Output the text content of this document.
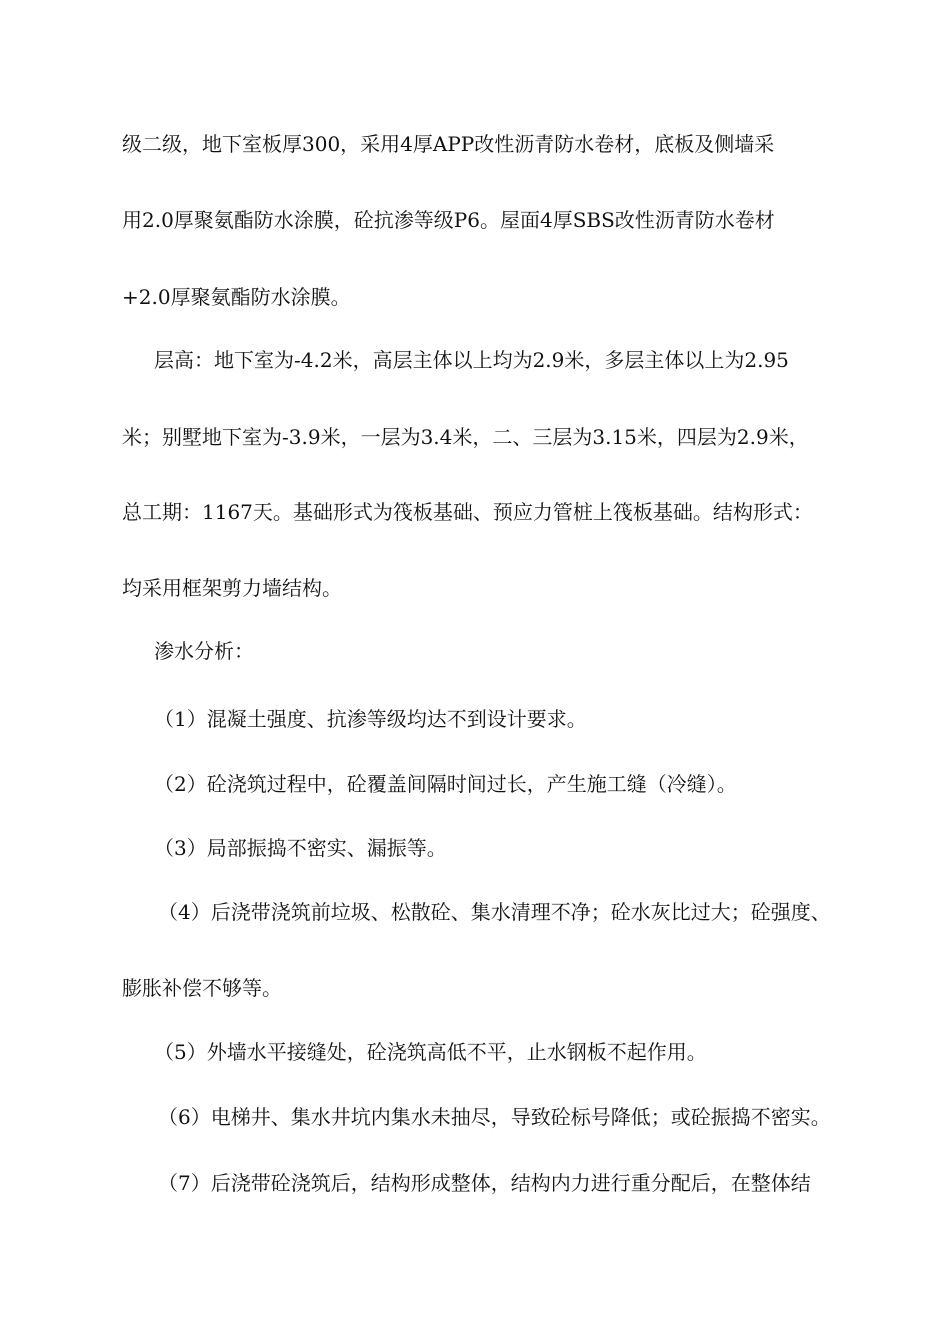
级二级，地下室板厚300，采用4厚APP改性沥青防水卷材，底板及侧墙采
用2.0厚聚氨酯防水涂膜，砼抗渗等级P6。屋面4厚SBS改性沥青防水卷材
+2.0厚聚氨酯防水涂膜。
层高：地下室为-4.2米，高层主体以上均为2.9米，多层主体以上为2.95
米；别墅地下室为-3.9米，一层为3.4米，二、三层为3.15米，四层为2.9米，
总工期：1167天。基础形式为筏板基础、预应力管桩上筏板基础。结构形式：
均采用框架剪力墙结构。
渗水分析：
（1）混凝土强度、抗渗等级均达不到设计要求。
（2）砼浇筑过程中，砼覆盖间隔时间过长，产生施工缝（冷缝）。
（3）局部振捣不密实、漏振等。
（4）后浇带浇筑前垃圾、松散砼、集水清理不净；砼水灰比过大；砼强度、
膨胀补偿不够等。
（5）外墙水平接缝处，砼浇筑高低不平，止水钢板不起作用。
（6）电梯井、集水井坑内集水未抽尽，导致砼标号降低；或砼振捣不密实。
（7）后浇带砼浇筑后，结构形成整体，结构内力进行重分配后，在整体结
